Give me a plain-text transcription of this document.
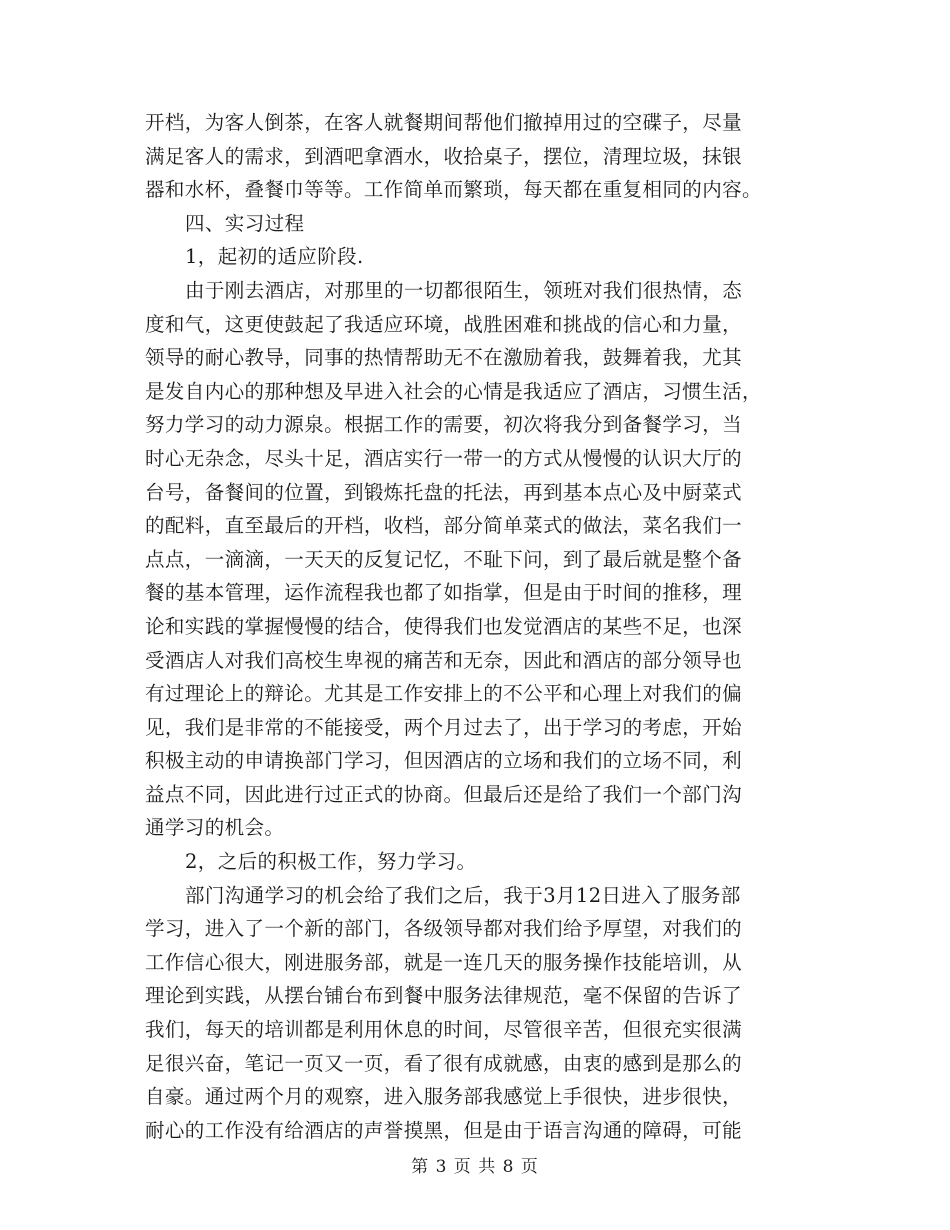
开档，为客人倒茶，在客人就餐期间帮他们撤掉用过的空碟子，尽量
满足客人的需求，到酒吧拿酒水，收拾桌子，摆位，清理垃圾，抹银
器和水杯，叠餐巾等等。工作简单而繁琐，每天都在重复相同的内容。
四、实习过程
1，起初的适应阶段.
由于刚去酒店，对那里的一切都很陌生，领班对我们很热情，态
度和气，这更使鼓起了我适应环境，战胜困难和挑战的信心和力量，
领导的耐心教导，同事的热情帮助无不在激励着我，鼓舞着我，尤其
是发自内心的那种想及早进入社会的心情是我适应了酒店，习惯生活，
努力学习的动力源泉。根据工作的需要，初次将我分到备餐学习，当
时心无杂念，尽头十足，酒店实行一带一的方式从慢慢的认识大厅的
台号，备餐间的位置，到锻炼托盘的托法，再到基本点心及中厨菜式
的配料，直至最后的开档，收档，部分简单菜式的做法，菜名我们一
点点，一滴滴，一天天的反复记忆，不耻下问，到了最后就是整个备
餐的基本管理，运作流程我也都了如指掌，但是由于时间的推移，理
论和实践的掌握慢慢的结合，使得我们也发觉酒店的某些不足，也深
受酒店人对我们高校生卑视的痛苦和无奈，因此和酒店的部分领导也
有过理论上的辩论。尤其是工作安排上的不公平和心理上对我们的偏
见，我们是非常的不能接受，两个月过去了，出于学习的考虑，开始
积极主动的申请换部门学习，但因酒店的立场和我们的立场不同，利
益点不同，因此进行过正式的协商。但最后还是给了我们一个部门沟
通学习的机会。
2，之后的积极工作，努力学习。
部门沟通学习的机会给了我们之后，我于3月12日进入了服务部
学习，进入了一个新的部门，各级领导都对我们给予厚望，对我们的
工作信心很大，刚进服务部，就是一连几天的服务操作技能培训，从
理论到实践，从摆台铺台布到餐中服务法律规范，毫不保留的告诉了
我们，每天的培训都是利用休息的时间，尽管很辛苦，但很充实很满
足很兴奋，笔记一页又一页，看了很有成就感，由衷的感到是那么的
自豪。通过两个月的观察，进入服务部我感觉上手很快，进步很快，
耐心的工作没有给酒店的声誉摸黑，但是由于语言沟通的障碍，可能
第 3 页 共 8 页
